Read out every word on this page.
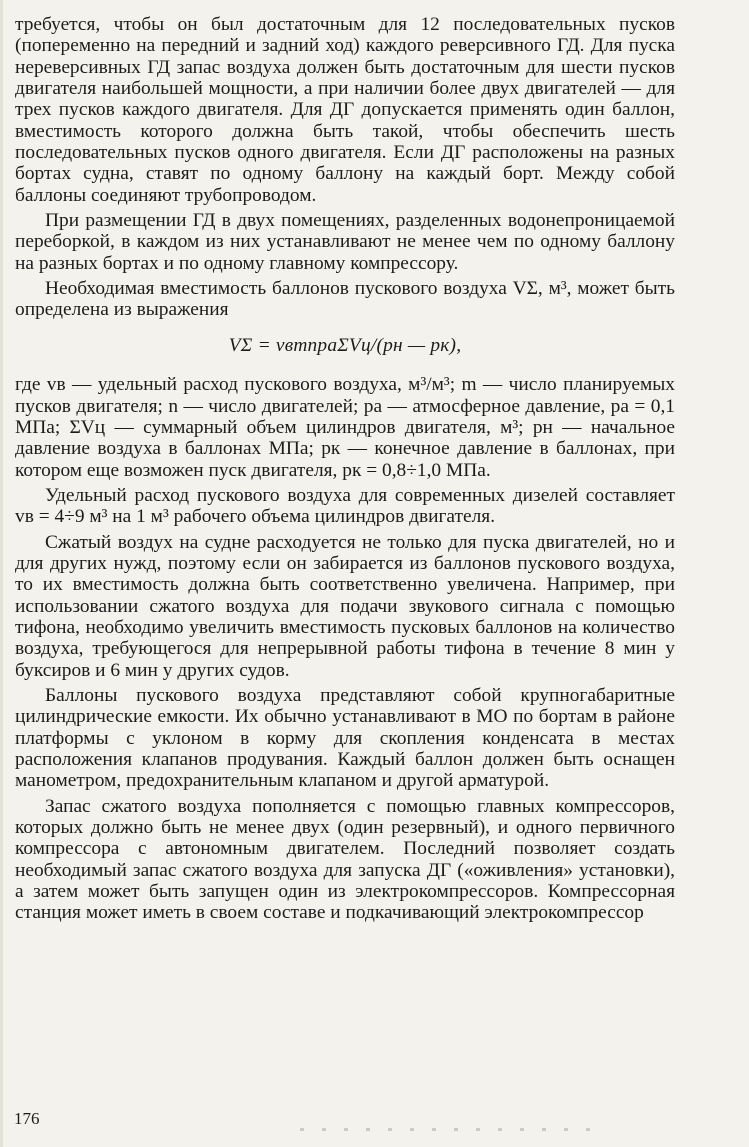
требуется, чтобы он был достаточным для 12 последовательных пусков (попеременно на передний и задний ход) каждого реверсивного ГД. Для пуска нереверсивных ГД запас воздуха должен быть достаточным для шести пусков двигателя наибольшей мощности, а при наличии более двух двигателей — для трех пусков каждого двигателя. Для ДГ допускается применять один баллон, вместимость которого должна быть такой, чтобы обеспечить шесть последовательных пусков одного двигателя. Если ДГ расположены на разных бортах судна, ставят по одному баллону на каждый борт. Между собой баллоны соединяют трубопроводом.

При размещении ГД в двух помещениях, разделенных водонепроницаемой переборкой, в каждом из них устанавливают не менее чем по одному баллону на разных бортах и по одному главному компрессору.

Необходимая вместимость баллонов пускового воздуха VΣ, м³, может быть определена из выражения

VΣ = vвmnpaΣVц/(pн — pк),

где vв — удельный расход пускового воздуха, м³/м³; m — число планируемых пусков двигателя; n — число двигателей; pa — атмосферное давление, pa = 0,1 МПа; ΣVц — суммарный объем цилиндров двигателя, м³; pн — начальное давление воздуха в баллонах МПа; pк — конечное давление в баллонах, при котором еще возможен пуск двигателя, pк = 0,8÷1,0 МПа.

Удельный расход пускового воздуха для современных дизелей составляет vв = 4÷9 м³ на 1 м³ рабочего объема цилиндров двигателя.

Сжатый воздух на судне расходуется не только для пуска двигателей, но и для других нужд, поэтому если он забирается из баллонов пускового воздуха, то их вместимость должна быть соответственно увеличена. Например, при использовании сжатого воздуха для подачи звукового сигнала с помощью тифона, необходимо увеличить вместимость пусковых баллонов на количество воздуха, требующегося для непрерывной работы тифона в течение 8 мин у буксиров и 6 мин у других судов.

Баллоны пускового воздуха представляют собой крупногабаритные цилиндрические емкости. Их обычно устанавливают в МО по бортам в районе платформы с уклоном в корму для скопления конденсата в местах расположения клапанов продувания. Каждый баллон должен быть оснащен манометром, предохранительным клапаном и другой арматурой.

Запас сжатого воздуха пополняется с помощью главных компрессоров, которых должно быть не менее двух (один резервный), и одного первичного компрессора с автономным двигателем. Последний позволяет создать необходимый запас сжатого воздуха для запуска ДГ («оживления» установки), а затем может быть запущен один из электрокомпрессоров. Компрессорная станция может иметь в своем составе и подкачивающий электрокомпрессор

176
